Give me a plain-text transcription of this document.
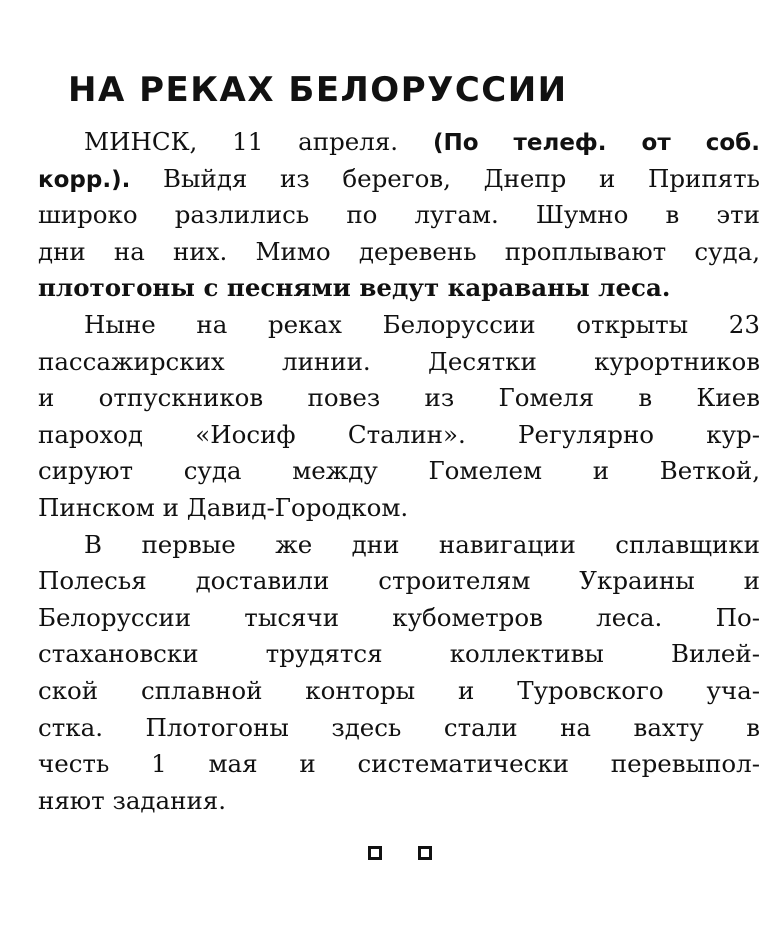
НА РЕКАХ БЕЛОРУССИИ
МИНСК, 11 апреля. (По телеф. от соб.
корр.). Выйдя из берегов, Днепр и Припять
широко разлились по лугам. Шумно в эти
дни на них. Мимо деревень проплывают суда,
плотогоны с песнями ведут караваны леса.
Ныне на реках Белоруссии открыты 23
пассажирских линии. Десятки курортников
и отпускников повез из Гомеля в Киев
пароход «Иосиф Сталин». Регулярно кур-
сируют суда между Гомелем и Веткой,
Пинском и Давид-Городком.
В первые же дни навигации сплавщики
Полесья доставили строителям Украины и
Белоруссии тысячи кубометров леса. По-
стахановски трудятся коллективы Вилей-
ской сплавной конторы и Туровского уча-
стка. Плотогоны здесь стали на вахту в
честь 1 мая и систематически перевыпол-
няют задания.
